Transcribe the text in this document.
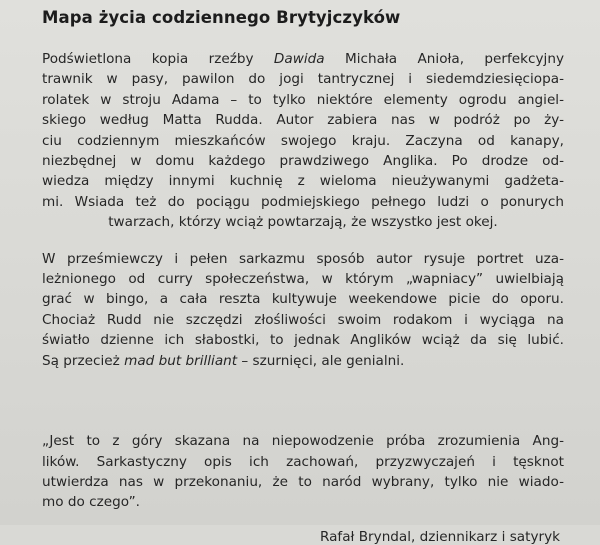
Mapa życia codziennego Brytyjczyków

Podświetlona kopia rzeźby Dawida Michała Anioła, perfekcyjny
trawnik w pasy, pawilon do jogi tantrycznej i siedemdziesięciopa-
rolatek w stroju Adama – to tylko niektóre elementy ogrodu angiel-
skiego według Matta Rudda. Autor zabiera nas w podróż po ży-
ciu codziennym mieszkańców swojego kraju. Zaczyna od kanapy,
niezbędnej w domu każdego prawdziwego Anglika. Po drodze od-
wiedza między innymi kuchnię z wieloma nieużywanymi gadżeta-
mi. Wsiada też do pociągu podmiejskiego pełnego ludzi o ponurych
twarzach, którzy wciąż powtarzają, że wszystko jest okej.

W prześmiewczy i pełen sarkazmu sposób autor rysuje portret uza-
leżnionego od curry społeczeństwa, w którym „wapniacy” uwielbiają
grać w bingo, a cała reszta kultywuje weekendowe picie do oporu.
Chociaż Rudd nie szczędzi złośliwości swoim rodakom i wyciąga na
światło dzienne ich słabostki, to jednak Anglików wciąż da się lubić.
Są przecież mad but brilliant – szurnięci, ale genialni.

„Jest to z góry skazana na niepowodzenie próba zrozumienia Ang-
lików. Sarkastyczny opis ich zachowań, przyzwyczajeń i tęsknot
utwierdza nas w przekonaniu, że to naród wybrany, tylko nie wiado-
mo do czego”.

Rafał Bryndal, dziennikarz i satyryk
